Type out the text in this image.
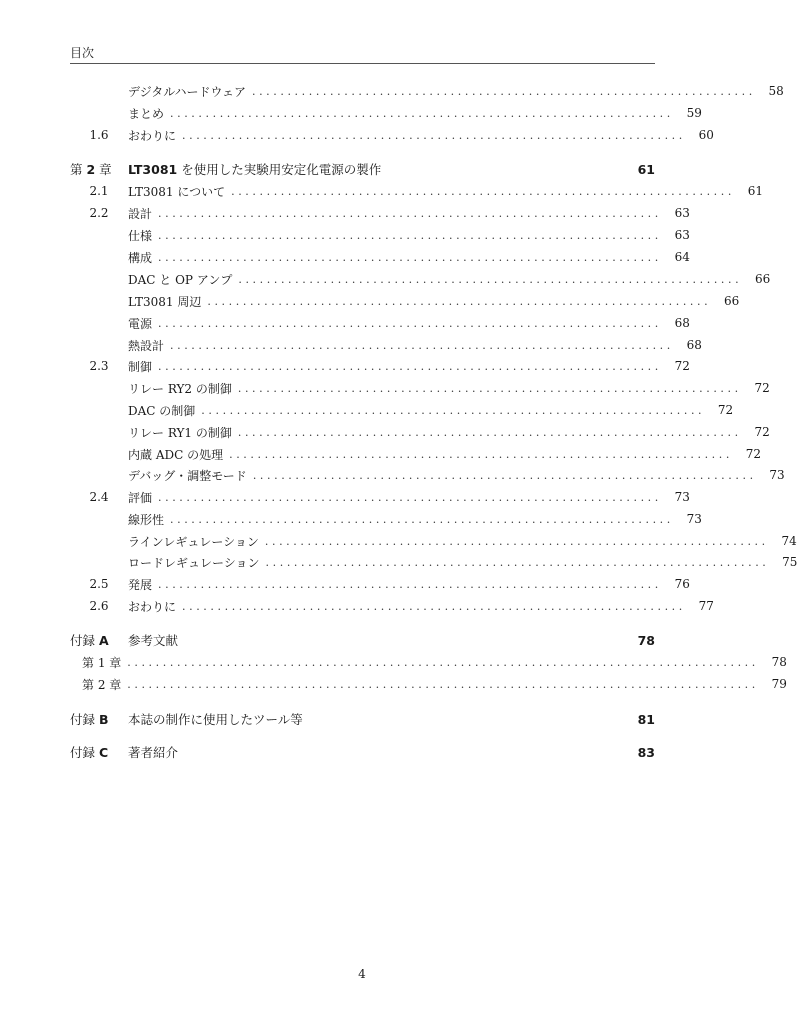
目次
デジタルハードウェア .......................................................................	58
まとめ .......................................................................	59
1.6	おわりに .......................................................................	60
第 2 章	LT3081 を使用した実験用安定化電源の製作	61
2.1	LT3081 について .......................................................................	61
2.2	設計 .......................................................................	63
仕様 .......................................................................	63
構成 .......................................................................	64
DAC と OP アンプ .......................................................................	66
LT3081 周辺 .......................................................................	66
電源 .......................................................................	68
熱設計 .......................................................................	68
2.3	制御 .......................................................................	72
リレー RY2 の制御 .......................................................................	72
DAC の制御 .......................................................................	72
リレー RY1 の制御 .......................................................................	72
内蔵 ADC の処理 .......................................................................	72
デバッグ・調整モード .......................................................................	73
2.4	評価 .......................................................................	73
線形性 .......................................................................	73
ラインレギュレーション .......................................................................	74
ロードレギュレーション .......................................................................	75
2.5	発展 .......................................................................	76
2.6	おわりに .......................................................................	77
付録 A	参考文献	78
第 1 章 .........................................................................................	78
第 2 章 .........................................................................................	79
付録 B	本誌の制作に使用したツール等	81
付録 C	著者紹介	83
4
